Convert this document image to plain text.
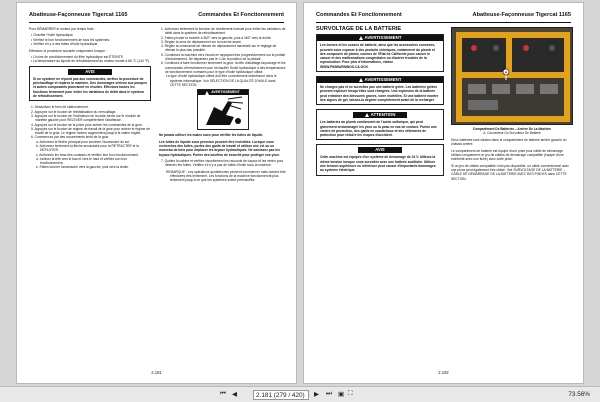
Abatteuse-Façonneuse Tigercat 1165	Commandes Et Fonctionnement
Pour DÉMARRER le moteur par temps froid :
• Chauffer l'huile hydraulique.
• Vérifiez le bon fonctionnement de tous les systèmes.
• Vérifiez s'il y a des fuites d'huile hydraulique.
Effectuez la procédure suivante uniquement lorsque :
• L'icône de conditionnement du filtre hydraulique est ÉTEINTE.
• La température du liquide de refroidissement du moteur monte à 66 °C (140 °F).
AVIS
Si un système ne répond pas aux commandes, arrêtez la procédure de préchauffage et réparez la machine. Des dommages sérieux aux pompes et autres composants pourraient en résulter. Effectuez toutes les fonctions lentement pour éviter les variations de débit dans le système de refroidissement.
1. Désactivez le frein de stationnement.
2. Appuyez sur le bouton de réinitialisation du verrouillage.
3. Appuyez sur le bouton de l'inclinaison de la plate-forme sur le module de manette gauche pour RELEVER complètement l'abatteuse.
4. Appuyez sur le bouton de la pince pour activer les commandes de la grue.
5. Appuyez sur le bouton de régime de travail de la grue pour activer le régime de travail de la grue. Le régime moteur augmentera jusqu'à la valeur réglée.
6. Commencez par des mouvements lents de la grue.
a. Actionnez le flèche principal pour soulever l'accessoire du sol.
b. Actionnez lentement la flèche secondaire pour la RETRACTER et la DÉPLOYER.
c. Actionnez les bras des couteaux et vérifiez leur bon fonctionnement.
d. Inclinez la tête vers le bas et vers le haut et vérifiez son bon fonctionnement.
e. Faites tourner l'accessoire vers la gauche, puis vers la droite.
1. Actionnez lentement la fonction de nivellement manuel pour éviter les variations de débit dans le système de refroidissement.
2. Faites pivoter la tourelle à 360° vers la gauche, puis à 360° vers la droite.
3. Réglez la sens de déplacement sur la marche avant.
4. Réglez la commande de vitesse de déplacement maximale sur le réglage de vitesse le plus bas possible.
5. Conduisez la machine vers l'avant en appuyant très progressivement sur la pédale d'entraînement. Ne dépassez pas le ¼ de la position de la pédale.
6. Continuez à faire fonctionner lentement la grue, la tête d'abattage-façonnage et les commandes d'entraînement pour réchauffer l'huile hydraulique à des températures de fonctionnement normales pour le type d'huile hydraulique utilisé.
La type d'huile hydraulique utilisé doit être correctement sélectionné dans le système informatique. Voir SÉLECTION DE LA QUALITÉ D'HUILE dans CETTE SECTION.
AVERTISSEMENT
Ne jamais utiliser les mains nues pour vérifier les fuites de liquide.
Les fuites de liquide sous pression peuvent être invisibles. Lorsque vous recherchez des fuites, portez des gants de travail et utilisez une clé ou un morceau de bois pour déplacer les tuyaux hydrauliques. Ne saisissez pas les tuyaux hydrauliques. Portez des lunettes de sécurité pour protéger vos yeux.
7. Quittez la cabine et vérifiez visuellement les raccords de tuyaux et les vérins pour détecter les fuites. Vérifiez s'il n'y a pas de fuites d'huile sous la machine.
REMARQUE : Les opérations quotidiennes peuvent commencer mais doivent être effectuées très lentement. Les fonctions de la machine fonctionneront plus lentement jusqu'à ce que les systèmes soient préchauffés.
2.181
Commandes Et Fonctionnement	Abatteuse-Façonneuse Tigercat 1165
SURVOLTAGE DE LA BATTERIE
AVERTISSEMENT
Les bornes et les cosses de batterie, ainsi que les accessoires connexes, peuvent vous exposer à des produits chimiques, notamment du plomb et des composés de plomb, connus de l'État de Californie pour causer le cancer et des malformations congénitales ou d'autres troubles de la reproduction. Pour plus d'informations, visitez WWW.P65WARNINGS.CA.GOV.
AVERTISSEMENT
Ne chargez pas et ne survoltez pas une batterie gelée. Les batteries gelées peuvent exploser lorsqu'elles sont chargées. Une explosion de la batterie peut entraîner des blessures graves, voire mortelles. Si une batterie montre des signes de gel, laissez-la dégeler complètement avant de la recharger.
ATTENTION
Les batteries au plomb contiennent de l'acide sulfurique, qui peut gravement endommager les yeux ou la peau en cas de contact. Portez une visière de protection, des gants en caoutchouc et des vêtements de protection pour réduire les risques d'accident.
AVIS
Cette machine est équipée d'un système de démarrage de 24 V. Utilisez la même tension lorsque vous survoltez avec une batterie auxiliaire. Utiliser une tension supérieure ou inférieure peut causer d'importants dommages au système électrique.
A
Compartiment De Batteries – Arrière De La Machine
A. Connecteur Du Survolteur De Batterie
Deux batteries sont situées dans le compartiment de batterie arrière gauche du châssis arrière.
Le compartiment de batterie est équipé d'une prise pour câble de démarrage. Utilisez uniquement un jeu de câbles de démarrage compatible (équipé d'une extrémité avec une fiche) avec cette prise.
Si un jeu de câbles compatible n'est pas disponible, un câble conventionnel avec une pince peut également être utilisé. Voir SURVOLTAGE DE LA BATTERIE – CÂBLE DE DÉMARRAGE DE LA BATTERIE AVEC DES PINCES dans CETTE SECTION.
2.182
⏮ ◀	2.181 (279 / 420)	▶ ⏭ ▣ ⛶	73.56%
